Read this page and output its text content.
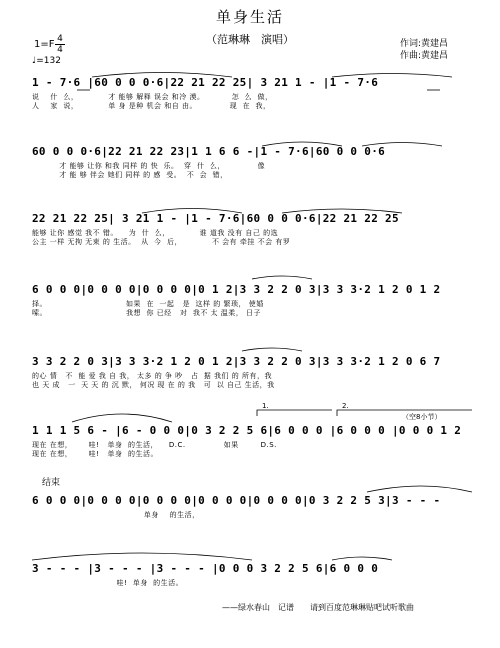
单身生活
（范琳琳　演唱）	作词:黄建昌
作曲:黄建昌
1=F 4
4
♩=132
1 - 7·6 |60 0 0 0·6|22 21 22 25| 3 21 1 - |1 - 7·6
说    什  么，           才 能够 解释 误会 和冷 漠。          怎  么  做，
人    家  说，           单 身 是种 机会 和自 由。            现  在  我，
60 0 0 0·6|22 21 22 23|1 1 6 6 -|1 - 7·6|60 0 0 0·6
才 能够 让你 和我 同样 的 快  乐。  穿  什  么，            像
才 能 够 伴会 她们 同样 的 感  受。  不  会  错，
22 21 22 25| 3 21 1 - |1 - 7·6|60 0 0 0·6|22 21 22 25
能够 让你 感觉 我不 错。    为  什  么，           谁 道我 没有 自己 的选
公主 一样 无拘 无束 的 生活。  从  今  后，           不 会有 牵挂 不会 有罗
6 0 0 0|0 0 0 0|0 0 0 0|0 1 2|3 3 2 2 0 3|3 3 3·2 1 2 0 1 2
择。                             如果  在  一起   是  这样 的 繁琐， 使婚
嗦。                             我想  你 已经   对  我不 太 温柔， 日子
3 3 2 2 0 3|3 3 3·2 1 2 0 1 2|3 3 2 2 0 3|3 3 3·2 1 2 0 6 7
的心 情   不  能 爱 我 自 我， 太多 的 争 吵   占  据 我们 的 所有，我
也 天 成   一  天 天 的 沉 默， 何况 现 在 的 我   可  以 自己 生活，我
1.	2.
（空8小节）
1 1 1 5 6 - |6 - 0 0 0|0 3 2 2 5 6|6 0 0 0 |6 0 0 0 |0 0 0 1 2
现在 在想，      哇!   单身  的生活，    D.C.              如果        D.S.
现在 在想，      哇!   单身  的生活。
结束
6 0 0 0|0 0 0 0|0 0 0 0|0 0 0 0|0 0 0 0|0 3 2 2 5 3|3 - - -
单身    的生活，
3 - - - |3 - - - |3 - - - |0 0 0 3 2 2 5 6|6 0 0 0
哇!  单身  的生活。
——绿水春山　记谱　　请到百度范琳琳贴吧试听歌曲
